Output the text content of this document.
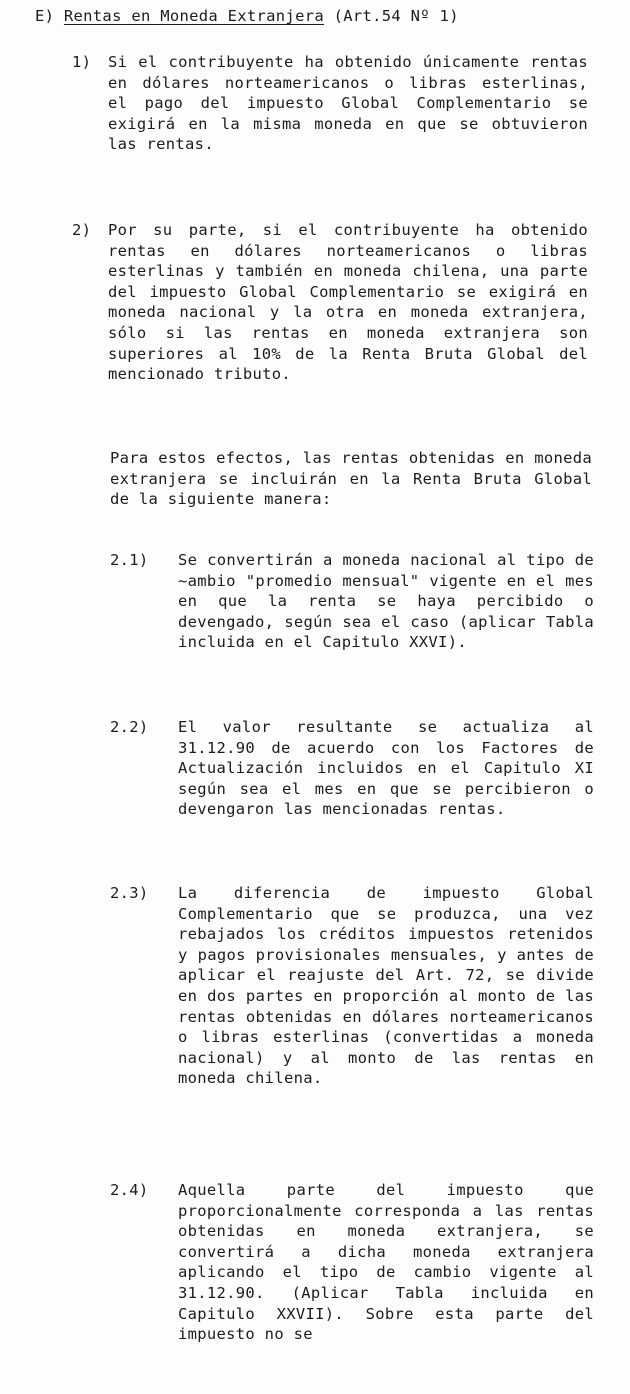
E) Rentas en Moneda Extranjera (Art.54 Nº 1)
1) Si el contribuyente ha obtenido únicamente rentas en dólares norteamericanos o libras esterlinas, el pago del impuesto Global Complementario se exigirá en la misma moneda en que se obtuvieron las rentas.
2) Por su parte, si el contribuyente ha obtenido rentas en dólares norteamericanos o libras esterlinas y también en moneda chilena, una parte del impuesto Global Complementario se exigirá en moneda nacional y la otra en moneda extranjera, sólo si las rentas en moneda extranjera son superiores al 10% de la Renta Bruta Global del mencionado tributo.
Para estos efectos, las rentas obtenidas en moneda extranjera se incluirán en la Renta Bruta Global de la siguiente manera:
2.1) Se convertirán a moneda nacional al tipo de ~ambio "promedio mensual" vigente en el mes en que la renta se haya percibido o devengado, según sea el caso (aplicar Tabla incluida en el Capitulo XXVI).
2.2) El valor resultante se actualiza al 31.12.90 de acuerdo con los Factores de Actualización incluidos en el Capitulo XI según sea el mes en que se percibieron o devengaron las mencionadas rentas.
2.3) La diferencia de impuesto Global Complementario que se produzca, una vez rebajados los créditos impuestos retenidos y pagos provisionales mensuales, y antes de aplicar el reajuste del Art. 72, se divide en dos partes en proporción al monto de las rentas obtenidas en dólares norteamericanos o libras esterlinas (convertidas a moneda nacional) y al monto de las rentas en moneda chilena.
2.4) Aquella parte del impuesto que proporcionalmente corresponda a las rentas obtenidas en moneda extranjera, se convertirá a dicha moneda extranjera aplicando el tipo de cambio vigente al 31.12.90. (Aplicar Tabla incluida en Capitulo XXVII). Sobre esta parte del impuesto no se
